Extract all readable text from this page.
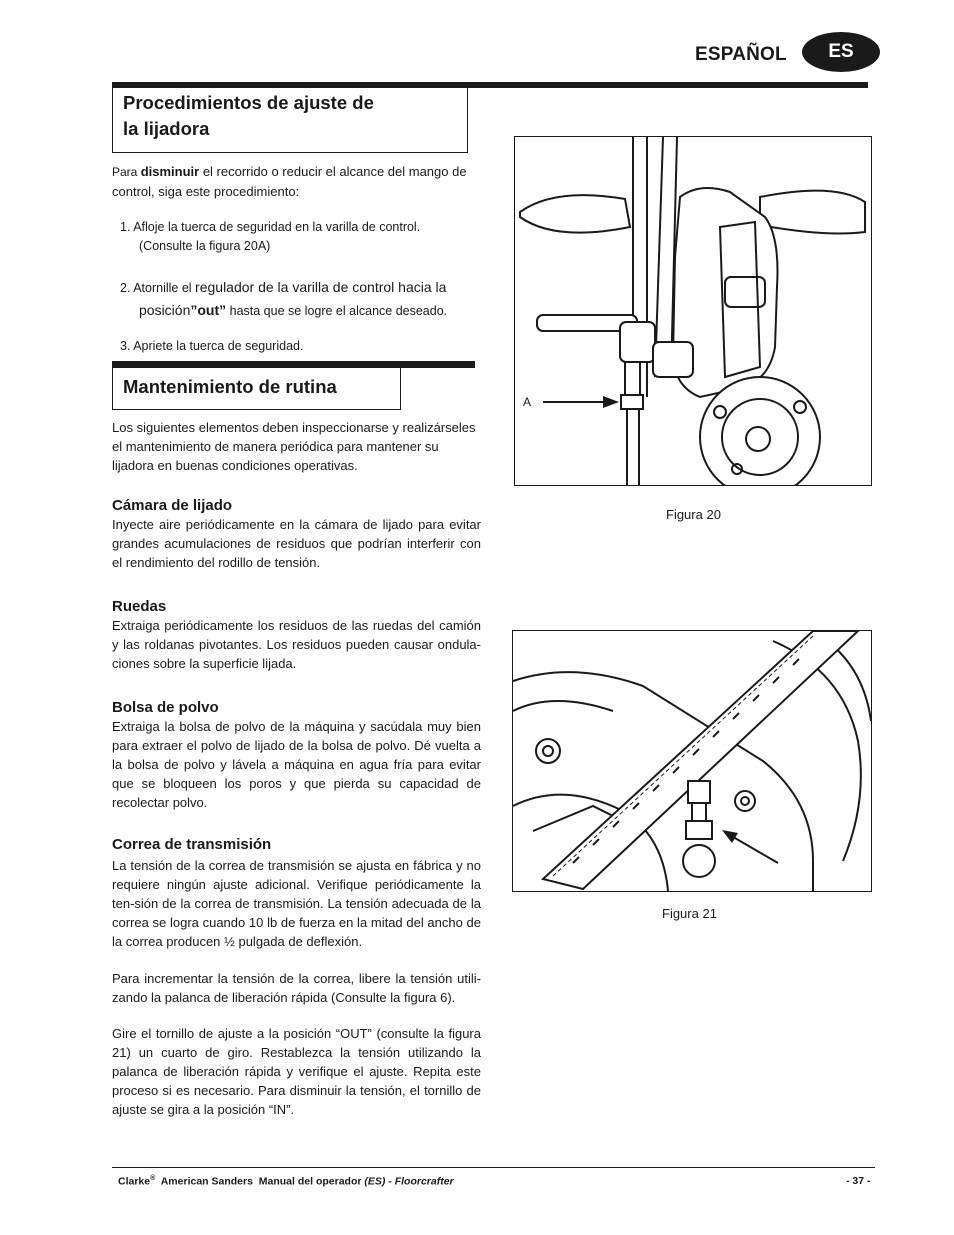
ESPAÑOL	ES
Procedimientos de ajuste de
la lijadora
Para disminuir el recorrido o reducir el alcance del mango de
control, siga este procedimiento:
1. Afloje la tuerca de seguridad en la varilla de control.
(Consulte la figura 20A)
2. Atornille el regulador de la varilla de control hacia la
posición”out” hasta que se logre el alcance deseado.
3. Apriete la tuerca de seguridad.
Mantenimiento de rutina
Los siguientes elementos deben inspeccionarse y realizárseles el mantenimiento de manera periódica para mantener su lijadora en buenas condiciones operativas.
Cámara de lijado
Inyecte aire periódicamente en la cámara de lijado para evitar grandes acumulaciones de residuos que podrían interferir con el rendimiento del rodillo de tensión.
Ruedas
Extraiga periódicamente los residuos de las ruedas del camión y las roldanas pivotantes. Los residuos pueden causar ondula-ciones sobre la superficie lijada.
Bolsa de polvo
Extraiga la bolsa de polvo de la máquina y sacúdala muy bien para extraer el polvo de lijado de la bolsa de polvo. Dé vuelta a la bolsa de polvo y lávela a máquina en agua fría para evitar que se bloqueen los poros y que pierda su capacidad de recolectar polvo.
Correa de transmisión
La tensión de la correa de transmisión se ajusta en fábrica y no requiere ningún ajuste adicional. Verifique periódicamente la ten-sión de la correa de transmisión. La tensión adecuada de la correa se logra cuando 10 lb de fuerza en la mitad del ancho de la correa producen ½ pulgada de deflexión.
Para incrementar la tensión de la correa, libere la tensión utili-zando la palanca de liberación rápida (Consulte la figura 6).
Gire el tornillo de ajuste a la posición “OUT” (consulte la figura 21) un cuarto de giro. Restablezca la tensión utilizando la palanca de liberación rápida y verifique el ajuste. Repita este proceso si es necesario. Para disminuir la tensión, el tornillo de ajuste se gira a la posición “IN”.
A
Figura 20
Figura 21
Clarke®  American Sanders  Manual del operador (ES) - Floorcrafter	- 37 -
